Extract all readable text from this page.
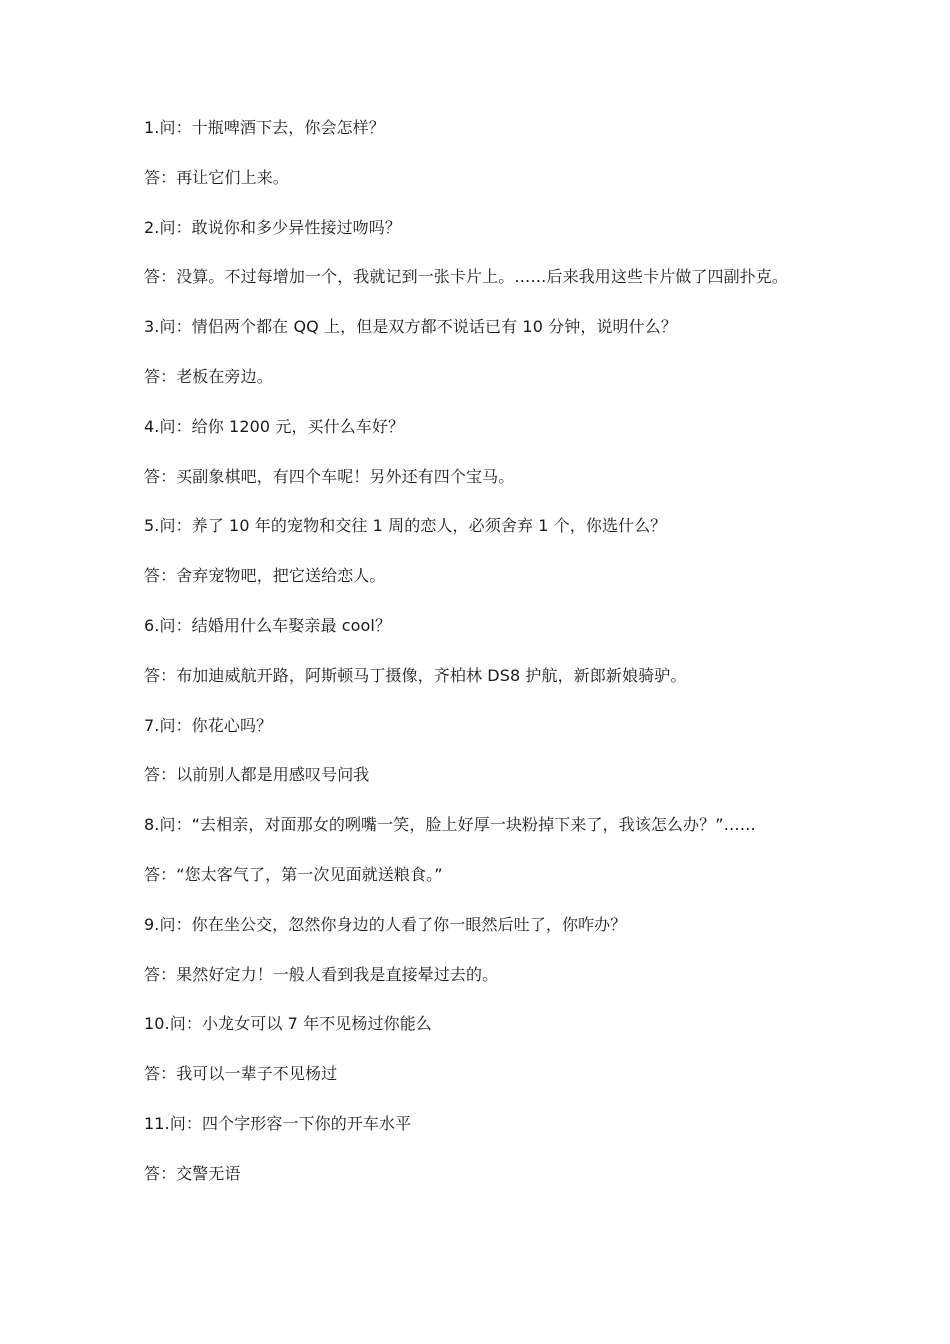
1.问：十瓶啤酒下去，你会怎样？
答：再让它们上来。
2.问：敢说你和多少异性接过吻吗？
答：没算。不过每增加一个，我就记到一张卡片上。……后来我用这些卡片做了四副扑克。
3.问：情侣两个都在 QQ 上，但是双方都不说话已有 10 分钟，说明什么？
答：老板在旁边。
4.问：给你 1200 元，买什么车好？
答：买副象棋吧，有四个车呢！另外还有四个宝马。
5.问：养了 10 年的宠物和交往 1 周的恋人，必须舍弃 1 个，你选什么？
答：舍弃宠物吧，把它送给恋人。
6.问：结婚用什么车娶亲最 cool？
答：布加迪威航开路，阿斯顿马丁摄像，齐柏林 DS8 护航，新郎新娘骑驴。
7.问：你花心吗？
答：以前别人都是用感叹号问我
8.问：“去相亲，对面那女的咧嘴一笑，脸上好厚一块粉掉下来了，我该怎么办？”……
答：“您太客气了，第一次见面就送粮食。”
9.问：你在坐公交，忽然你身边的人看了你一眼然后吐了，你咋办？
答：果然好定力！一般人看到我是直接晕过去的。
10.问：小龙女可以 7 年不见杨过你能么
答：我可以一辈子不见杨过
11.问：四个字形容一下你的开车水平
答：交警无语
